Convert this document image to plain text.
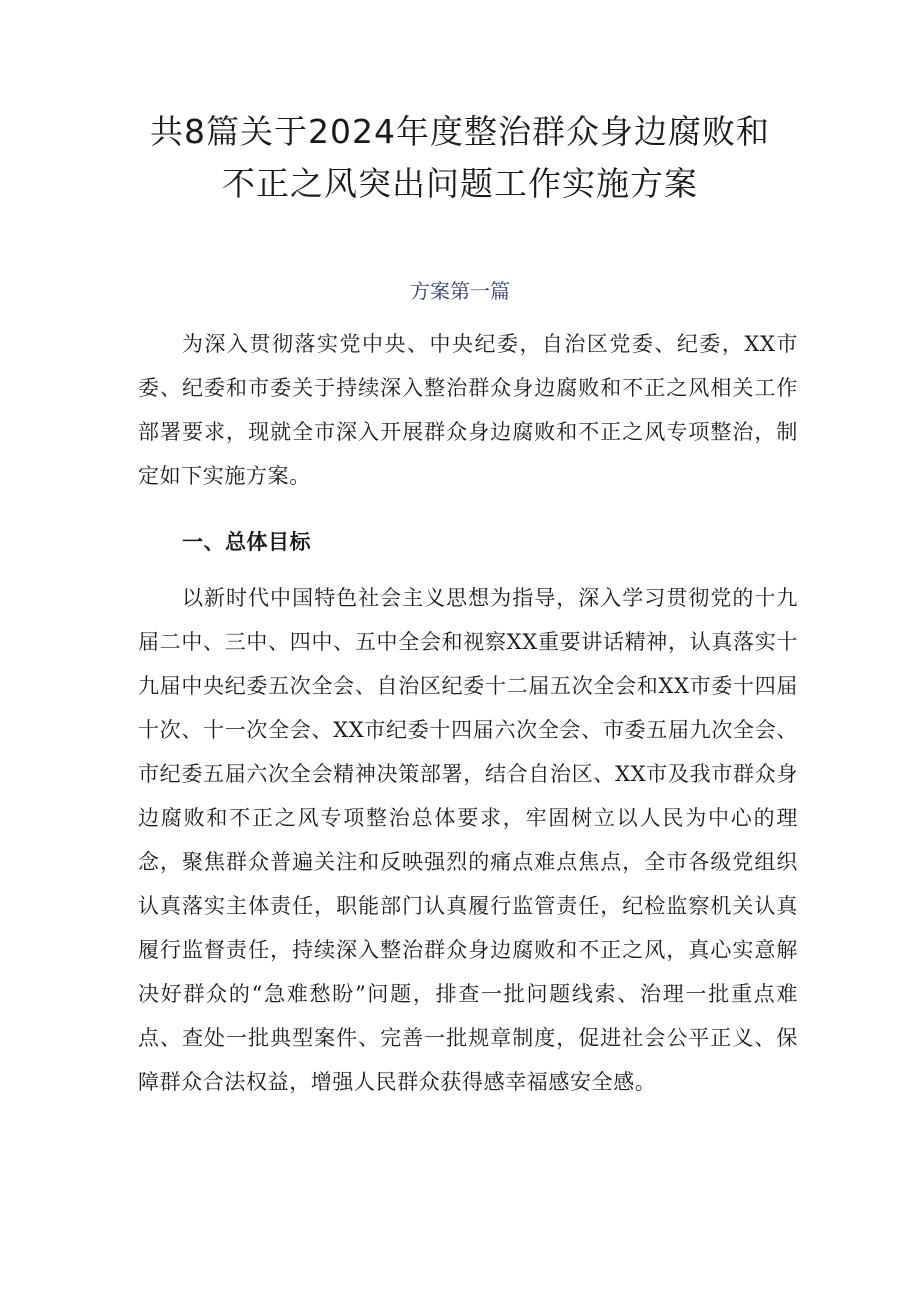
共8篇关于2024年度整治群众身边腐败和
不正之风突出问题工作实施方案
方案第一篇

为深入贯彻落实党中央、中央纪委，自治区党委、纪委，XX市委、纪委和市委关于持续深入整治群众身边腐败和不正之风相关工作部署要求，现就全市深入开展群众身边腐败和不正之风专项整治，制定如下实施方案。

一、总体目标

以新时代中国特色社会主义思想为指导，深入学习贯彻党的十九届二中、三中、四中、五中全会和视察XX重要讲话精神，认真落实十九届中央纪委五次全会、自治区纪委十二届五次全会和XX市委十四届十次、十一次全会、XX市纪委十四届六次全会、市委五届九次全会、市纪委五届六次全会精神决策部署，结合自治区、XX市及我市群众身边腐败和不正之风专项整治总体要求，牢固树立以人民为中心的理念，聚焦群众普遍关注和反映强烈的痛点难点焦点，全市各级党组织认真落实主体责任，职能部门认真履行监管责任，纪检监察机关认真履行监督责任，持续深入整治群众身边腐败和不正之风，真心实意解决好群众的“急难愁盼”问题，排查一批问题线索、治理一批重点难点、查处一批典型案件、完善一批规章制度，促进社会公平正义、保障群众合法权益，增强人民群众获得感幸福感安全感。
